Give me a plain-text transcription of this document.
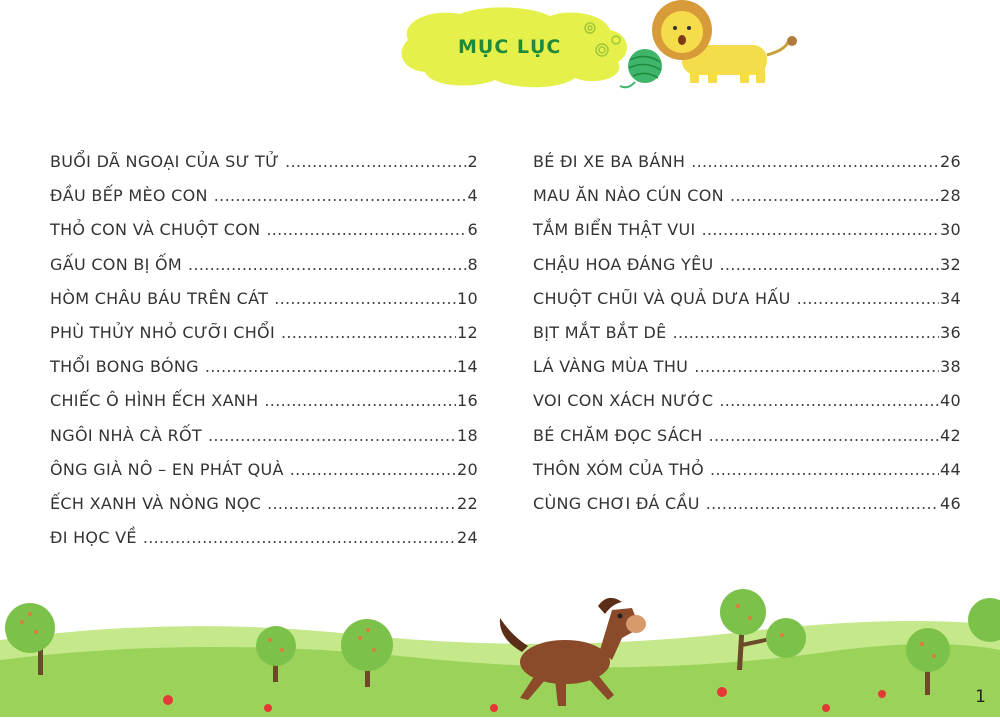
MỤC LỤC
BUỔI DÃ NGOẠI CỦA SƯ TỬ .....	2
ĐẦU BẾP MÈO CON .....	4
THỎ CON VÀ CHUỘT CON .....	6
GẤU CON BỊ ỐM .....	8
HÒM CHÂU BÁU TRÊN CÁT .....	10
PHÙ THỦY NHỎ CƯỠI CHỔI .....	12
THỔI BONG BÓNG .....	14
CHIẾC Ô HÌNH ẾCH XANH .....	16
NGÔI NHÀ CÀ RỐT .....	18
ÔNG GIÀ NÔ – EN PHÁT QUÀ .....	20
ẾCH XANH VÀ NÒNG NỌC .....	22
ĐI HỌC VỀ .....	24
BÉ ĐI XE BA BÁNH .....	26
MAU ĂN NÀO CÚN CON .....	28
TẮM BIỂN THẬT VUI .....	30
CHẬU HOA ĐÁNG YÊU .....	32
CHUỘT CHŨI VÀ QUẢ DƯA HẤU .....	34
BỊT MẮT BẮT DÊ .....	36
LÁ VÀNG MÙA THU .....	38
VOI CON XÁCH NƯỚC .....	40
BÉ CHĂM ĐỌC SÁCH .....	42
THÔN XÓM CỦA THỎ .....	44
CÙNG CHƠI ĐÁ CẦU .....	46
1
